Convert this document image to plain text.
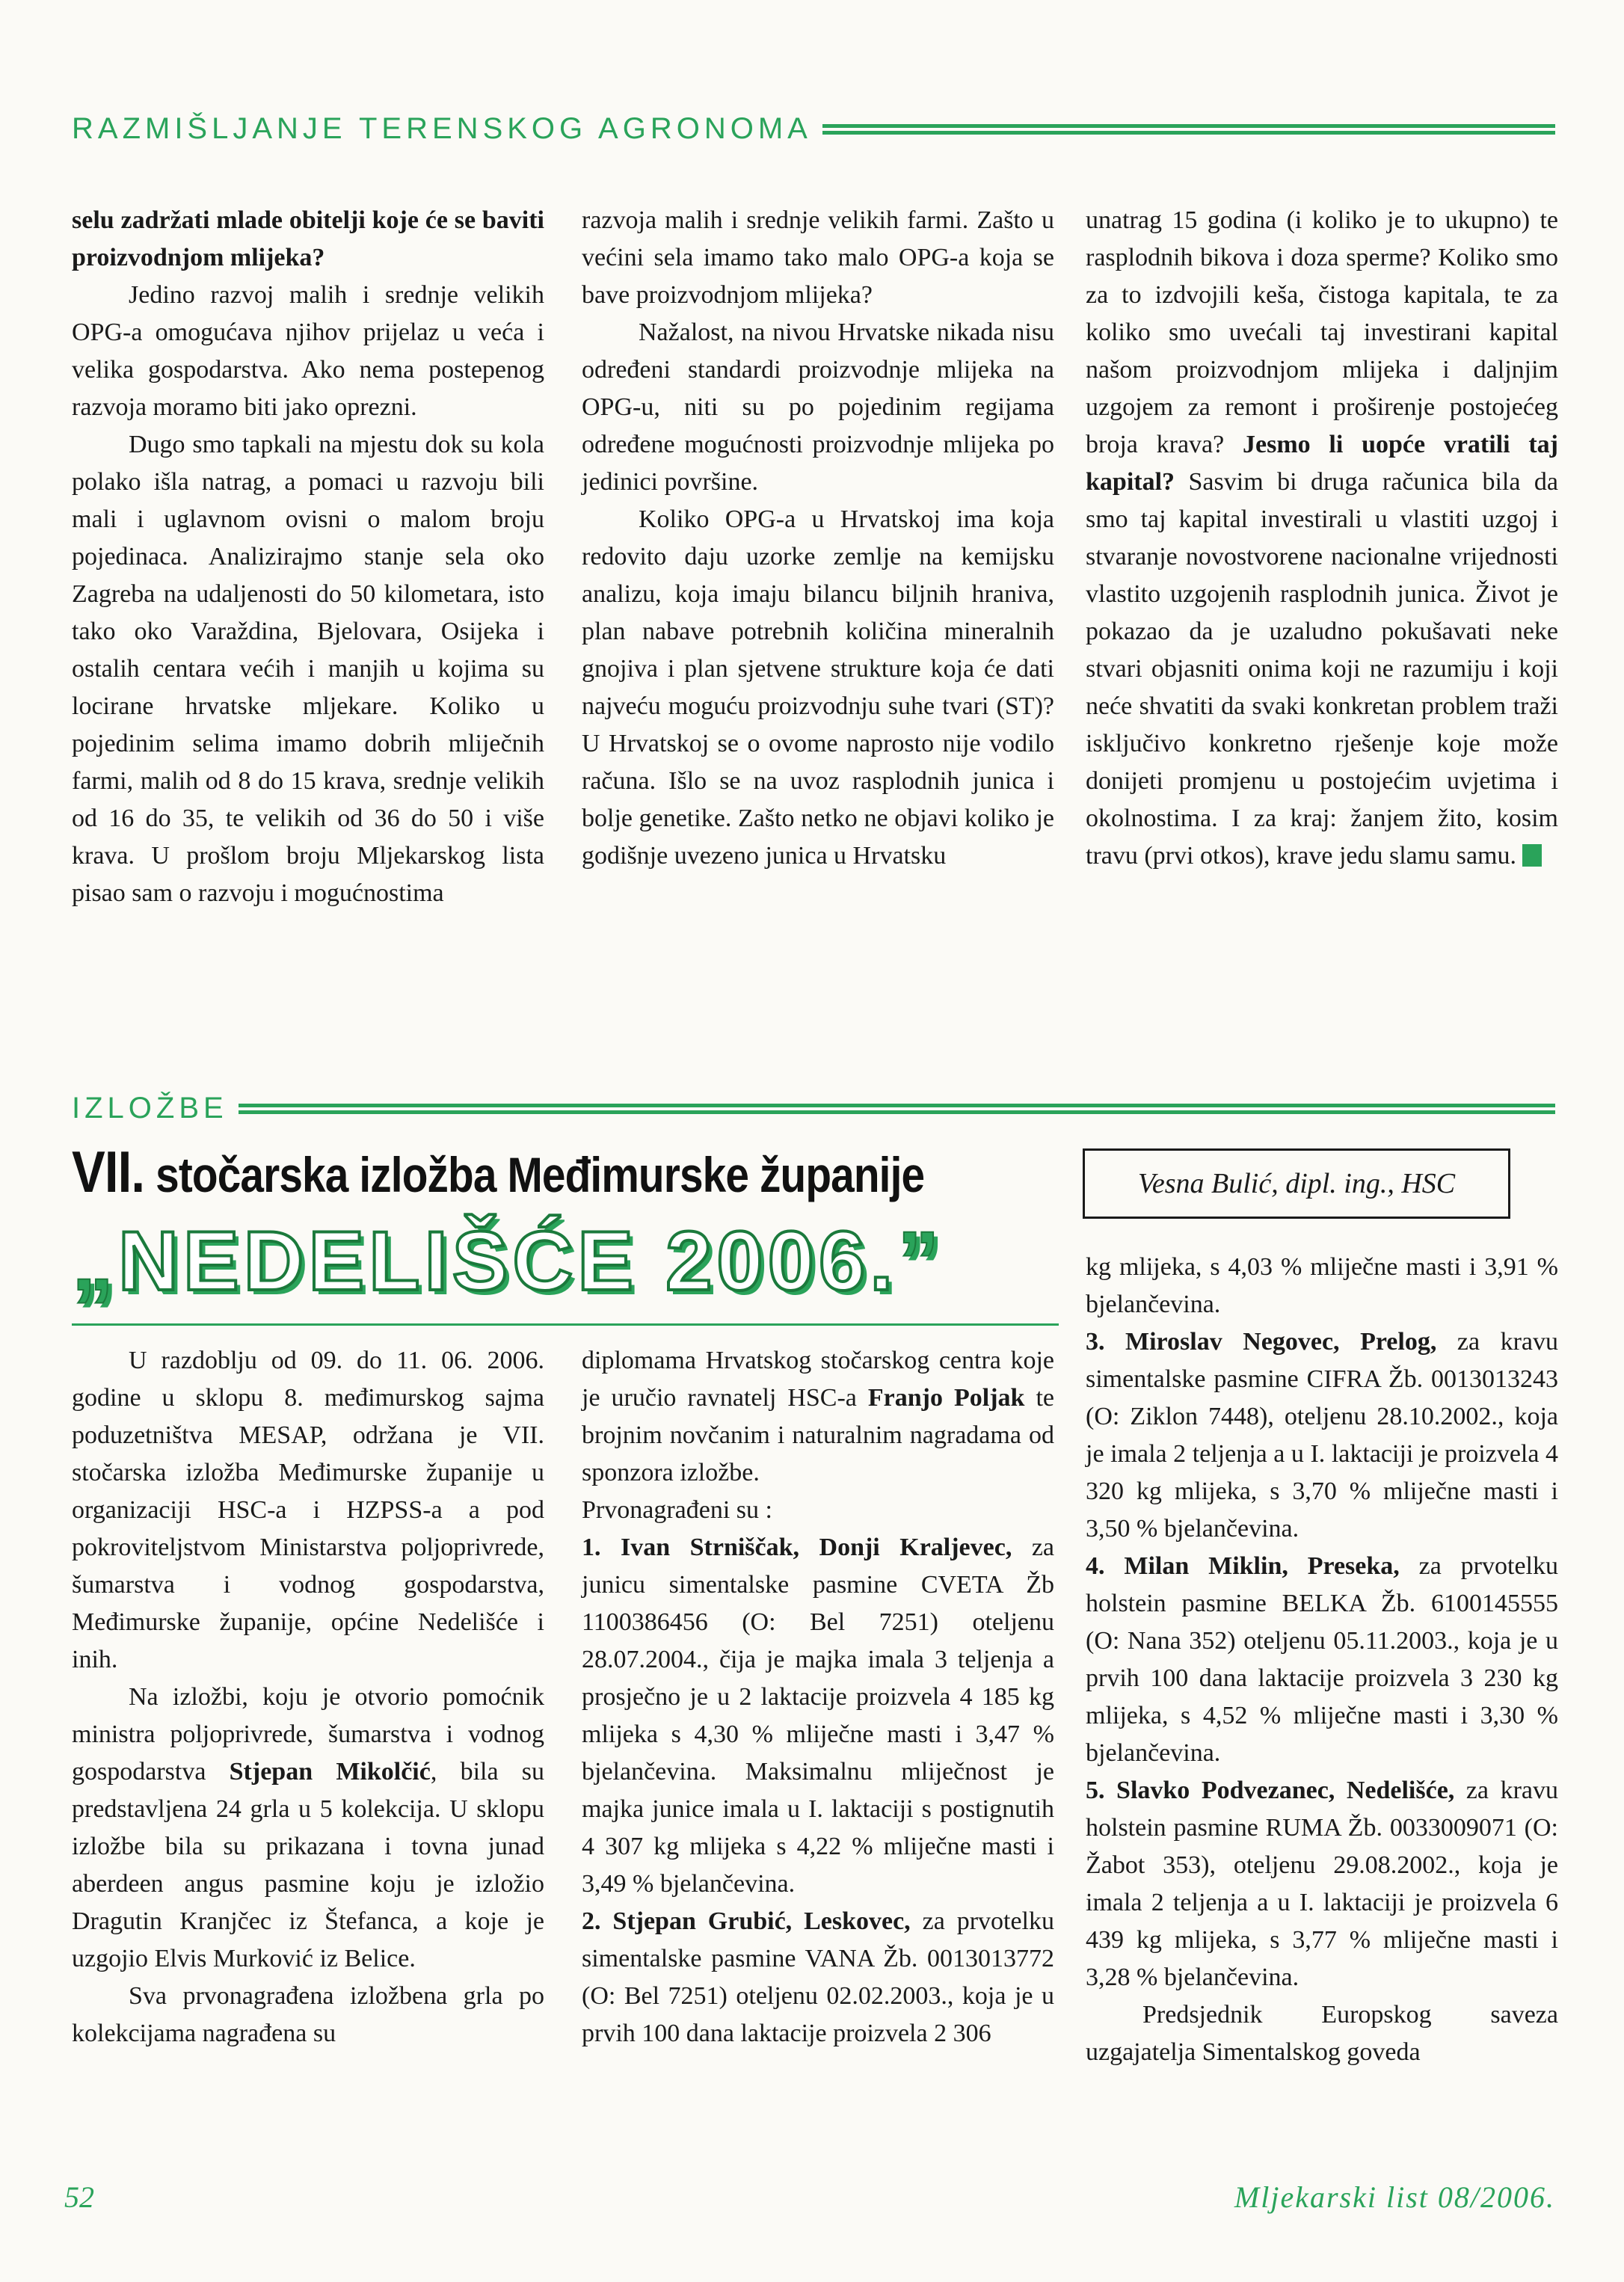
RAZMIŠLJANJE TERENSKOG AGRONOMA

selu zadržati mlade obitelji koje će se baviti proizvodnjom mlijeka?

Jedino razvoj malih i srednje velikih OPG-a omogućava njihov prijelaz u veća i velika gospodarstva. Ako nema postepenog razvoja moramo biti jako oprezni.

Dugo smo tapkali na mjestu dok su kola polako išla natrag, a pomaci u razvoju bili mali i uglavnom ovisni o malom broju pojedinaca. Analizirajmo stanje sela oko Zagreba na udaljenosti do 50 kilometara, isto tako oko Varaždina, Bjelovara, Osijeka i ostalih centara većih i manjih u kojima su locirane hrvatske mljekare. Koliko u pojedinim selima imamo dobrih mliječnih farmi, malih od 8 do 15 krava, srednje velikih od 16 do 35, te velikih od 36 do 50 i više krava. U prošlom broju Mljekarskog lista pisao sam o razvoju i mogućnostima

razvoja malih i srednje velikih farmi. Zašto u većini sela imamo tako malo OPG-a koja se bave proizvodnjom mlijeka?

Nažalost, na nivou Hrvatske nikada nisu određeni standardi proizvodnje mlijeka na OPG-u, niti su po pojedinim regijama određene mogućnosti proizvodnje mlijeka po jedinici površine.

Koliko OPG-a u Hrvatskoj ima koja redovito daju uzorke zemlje na kemijsku analizu, koja imaju bilancu biljnih hraniva, plan nabave potrebnih količina mineralnih gnojiva i plan sjetvene strukture koja će dati najveću moguću proizvodnju suhe tvari (ST)? U Hrvatskoj se o ovome naprosto nije vodilo računa. Išlo se na uvoz rasplodnih junica i bolje genetike. Zašto netko ne objavi koliko je godišnje uvezeno junica u Hrvatsku

unatrag 15 godina (i koliko je to ukupno) te rasplodnih bikova i doza sperme? Koliko smo za to izdvojili keša, čistoga kapitala, te za koliko smo uvećali taj investirani kapital našom proizvodnjom mlijeka i daljnjim uzgojem za remont i proširenje postojećeg broja krava? Jesmo li uopće vratili taj kapital? Sasvim bi druga računica bila da smo taj kapital investirali u vlastiti uzgoj i stvaranje novostvorene nacionalne vrijednosti vlastito uzgojenih rasplodnih junica. Život je pokazao da je uzaludno pokušavati neke stvari objasniti onima koji ne razumiju i koji neće shvatiti da svaki konkretan problem traži isključivo konkretno rješenje koje može donijeti promjenu u postojećim uvjetima i okolnostima. I za kraj: žanjem žito, kosim travu (prvi otkos), krave jedu slamu samu.

IZLOŽBE
VII. stočarska izložba Međimurske županije
„NEDELIŠĆE 2006.”
Vesna Bulić, dipl. ing., HSC

U razdoblju od 09. do 11. 06. 2006. godine u sklopu 8. međimurskog sajma poduzetništva MESAP, održana je VII. stočarska izložba Međimurske županije u organizaciji HSC-a i HZPSS-a a pod pokroviteljstvom Ministarstva poljoprivrede, šumarstva i vodnog gospodarstva, Međimurske županije, općine Nedelišće i inih.

Na izložbi, koju je otvorio pomoćnik ministra poljoprivrede, šumarstva i vodnog gospodarstva Stjepan Mikolčić, bila su predstavljena 24 grla u 5 kolekcija. U sklopu izložbe bila su prikazana i tovna junad aberdeen angus pasmine koju je izložio Dragutin Kranjčec iz Štefanca, a koje je uzgojio Elvis Murković iz Belice.

Sva prvonagrađena izložbena grla po kolekcijama nagrađena su

diplomama Hrvatskog stočarskog centra koje je uručio ravnatelj HSC-a Franjo Poljak te brojnim novčanim i naturalnim nagradama od sponzora izložbe.

Prvonagrađeni su :

1. Ivan Strniščak, Donji Kraljevec, za junicu simentalske pasmine CVETA Žb 1100386456 (O: Bel 7251) oteljenu 28.07.2004., čija je majka imala 3 teljenja a prosječno je u 2 laktacije proizvela 4 185 kg mlijeka s 4,30 % mliječne masti i 3,47 % bjelančevina. Maksimalnu mliječnost je majka junice imala u I. laktaciji s postignutih 4 307 kg mlijeka s 4,22 % mliječne masti i 3,49 % bjelančevina.

2. Stjepan Grubić, Leskovec, za prvotelku simentalske pasmine VANA Žb. 0013013772 (O: Bel 7251) oteljenu 02.02.2003., koja je u prvih 100 dana laktacije proizvela 2 306

kg mlijeka, s 4,03 % mliječne masti i 3,91 % bjelančevina.

3. Miroslav Negovec, Prelog, za kravu simentalske pasmine CIFRA Žb. 0013013243 (O: Ziklon 7448), oteljenu 28.10.2002., koja je imala 2 teljenja a u I. laktaciji je proizvela 4 320 kg mlijeka, s 3,70 % mliječne masti i 3,50 % bjelančevina.

4. Milan Miklin, Preseka, za prvotelku holstein pasmine BELKA Žb. 6100145555 (O: Nana 352) oteljenu 05.11.2003., koja je u prvih 100 dana laktacije proizvela 3 230 kg mlijeka, s 4,52 % mliječne masti i 3,30 % bjelančevina.

5. Slavko Podvezanec, Nedelišće, za kravu holstein pasmine RUMA Žb. 0033009071 (O: Žabot 353), oteljenu 29.08.2002., koja je imala 2 teljenja a u I. laktaciji je proizvela 6 439 kg mlijeka, s 3,77 % mliječne masti i 3,28 % bjelančevina.

Predsjednik Europskog saveza uzgajatelja Simentalskog goveda

52	Mljekarski list 08/2006.
